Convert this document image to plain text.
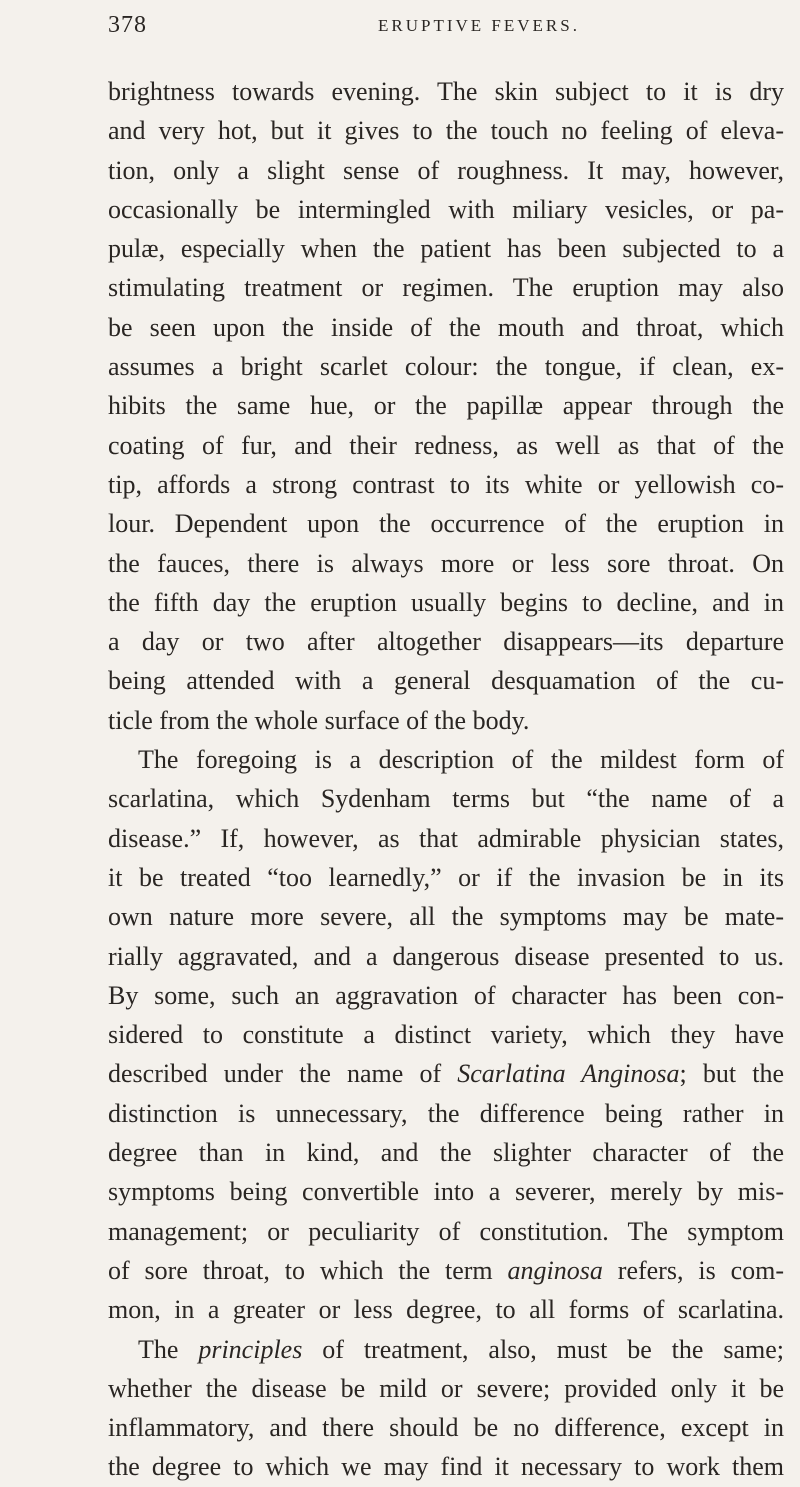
378	ERUPTIVE FEVERS.
brightness towards evening. The skin subject to it is dry
and very hot, but it gives to the touch no feeling of eleva-
tion, only a slight sense of roughness. It may, however,
occasionally be intermingled with miliary vesicles, or pa-
pulæ, especially when the patient has been subjected to a
stimulating treatment or regimen. The eruption may also
be seen upon the inside of the mouth and throat, which
assumes a bright scarlet colour: the tongue, if clean, ex-
hibits the same hue, or the papillæ appear through the
coating of fur, and their redness, as well as that of the
tip, affords a strong contrast to its white or yellowish co-
lour. Dependent upon the occurrence of the eruption in
the fauces, there is always more or less sore throat. On
the fifth day the eruption usually begins to decline, and in
a day or two after altogether disappears—its departure
being attended with a general desquamation of the cu-
ticle from the whole surface of the body.
The foregoing is a description of the mildest form of
scarlatina, which Sydenham terms but “the name of a
disease.” If, however, as that admirable physician states,
it be treated “too learnedly,” or if the invasion be in its
own nature more severe, all the symptoms may be mate-
rially aggravated, and a dangerous disease presented to us.
By some, such an aggravation of character has been con-
sidered to constitute a distinct variety, which they have
described under the name of Scarlatina Anginosa; but the
distinction is unnecessary, the difference being rather in
degree than in kind, and the slighter character of the
symptoms being convertible into a severer, merely by mis-
management; or peculiarity of constitution. The symptom
of sore throat, to which the term anginosa refers, is com-
mon, in a greater or less degree, to all forms of scarlatina.
The principles of treatment, also, must be the same;
whether the disease be mild or severe; provided only it be
inflammatory, and there should be no difference, except in
the degree to which we may find it necessary to work them
